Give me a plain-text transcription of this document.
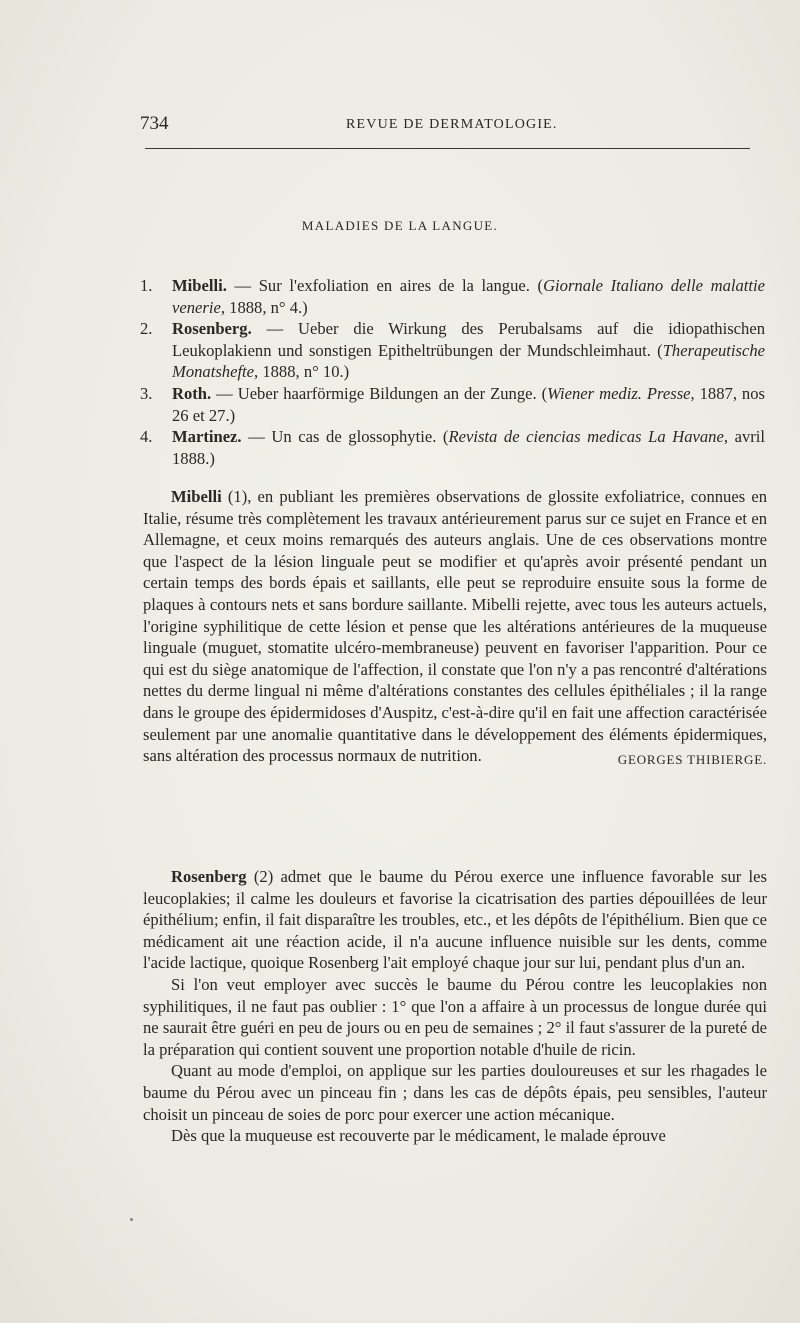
734	REVUE DE DERMATOLOGIE.
MALADIES DE LA LANGUE.
1. Mibelli. — Sur l'exfoliation en aires de la langue. (Giornale Italiano delle malattie venerie, 1888, n° 4.)
2. Rosenberg. — Ueber die Wirkung des Perubalsams auf die idiopathischen Leukoplakienn und sonstigen Epitheltrübungen der Mundschleimhaut. (Therapeutische Monatshefte, 1888, n° 10.)
3. Roth. — Ueber haarförmige Bildungen an der Zunge. (Wiener mediz. Presse, 1887, nos 26 et 27.)
4. Martinez. — Un cas de glossophytie. (Revista de ciencias medicas La Havane, avril 1888.)

Mibelli (1), en publiant les premières observations de glossite exfoliatrice, connues en Italie, résume très complètement les travaux antérieurement parus sur ce sujet en France et en Allemagne, et ceux moins remarqués des auteurs anglais. Une de ces observations montre que l'aspect de la lésion linguale peut se modifier et qu'après avoir présenté pendant un certain temps des bords épais et saillants, elle peut se reproduire ensuite sous la forme de plaques à contours nets et sans bordure saillante. Mibelli rejette, avec tous les auteurs actuels, l'origine syphilitique de cette lésion et pense que les altérations antérieures de la muqueuse linguale (muguet, stomatite ulcéro-membraneuse) peuvent en favoriser l'apparition. Pour ce qui est du siège anatomique de l'affection, il constate que l'on n'y a pas rencontré d'altérations nettes du derme lingual ni même d'altérations constantes des cellules épithéliales ; il la range dans le groupe des épidermidoses d'Auspitz, c'est-à-dire qu'il en fait une affection caractérisée seulement par une anomalie quantitative dans le développement des éléments épidermiques, sans altération des processus normaux de nutrition.	GEORGES THIBIERGE.

Rosenberg (2) admet que le baume du Pérou exerce une influence favorable sur les leucoplakies; il calme les douleurs et favorise la cicatrisation des parties dépouillées de leur épithélium; enfin, il fait disparaître les troubles, etc., et les dépôts de l'épithélium. Bien que ce médicament ait une réaction acide, il n'a aucune influence nuisible sur les dents, comme l'acide lactique, quoique Rosenberg l'ait employé chaque jour sur lui, pendant plus d'un an.

Si l'on veut employer avec succès le baume du Pérou contre les leucoplakies non syphilitiques, il ne faut pas oublier : 1° que l'on a affaire à un processus de longue durée qui ne saurait être guéri en peu de jours ou en peu de semaines ; 2° il faut s'assurer de la pureté de la préparation qui contient souvent une proportion notable d'huile de ricin.

Quant au mode d'emploi, on applique sur les parties douloureuses et sur les rhagades le baume du Pérou avec un pinceau fin ; dans les cas de dépôts épais, peu sensibles, l'auteur choisit un pinceau de soies de porc pour exercer une action mécanique.

Dès que la muqueuse est recouverte par le médicament, le malade éprouve
